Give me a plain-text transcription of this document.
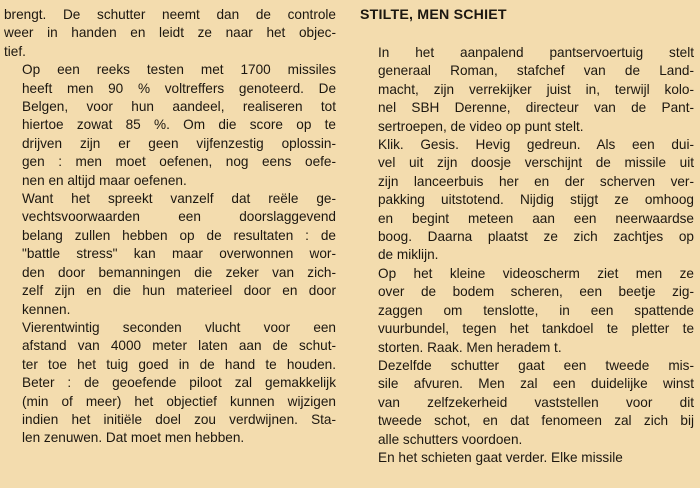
brengt. De schutter neemt dan de controle
weer in handen en leidt ze naar het objec-
tief.

Op een reeks testen met 1700 missiles
heeft men 90 % voltreffers genoteerd. De
Belgen, voor hun aandeel, realiseren tot
hiertoe zowat 85 %. Om die score op te
drijven zijn er geen vijfenzestig oplossin-
gen : men moet oefenen, nog eens oefe-
nen en altijd maar oefenen.

Want het spreekt vanzelf dat reële ge-
vechtsvoorwaarden een doorslaggevend
belang zullen hebben op de resultaten : de
"battle stress" kan maar overwonnen wor-
den door bemanningen die zeker van zich-
zelf zijn en die hun materieel door en door
kennen.

Vierentwintig seconden vlucht voor een
afstand van 4000 meter laten aan de schut-
ter toe het tuig goed in de hand te houden.
Beter : de geoefende piloot zal gemakkelijk
(min of meer) het objectief kunnen wijzigen
indien het initiële doel zou verdwijnen. Sta-
len zenuwen. Dat moet men hebben.

STILTE, MEN SCHIET

In het aanpalend pantservoertuig stelt
generaal Roman, stafchef van de Land-
macht, zijn verrekijker juist in, terwijl kolo-
nel SBH Derenne, directeur van de Pant-
sertroepen, de video op punt stelt.

Klik. Gesis. Hevig gedreun. Als een dui-
vel uit zijn doosje verschijnt de missile uit
zijn lanceerbuis her en der scherven ver-
pakking uitstotend. Nijdig stijgt ze omhoog
en begint meteen aan een neerwaardse
boog. Daarna plaatst ze zich zachtjes op
de miklijn.

Op het kleine videoscherm ziet men ze
over de bodem scheren, een beetje zig-
zaggen om tenslotte, in een spattende
vuurbundel, tegen het tankdoel te pletter te
storten. Raak. Men heradem t.

Dezelfde schutter gaat een tweede mis-
sile afvuren. Men zal een duidelijke winst
van zelfzekerheid vaststellen voor dit
tweede schot, en dat fenomeen zal zich bij
alle schutters voordoen.

En het schieten gaat verder. Elke missile
